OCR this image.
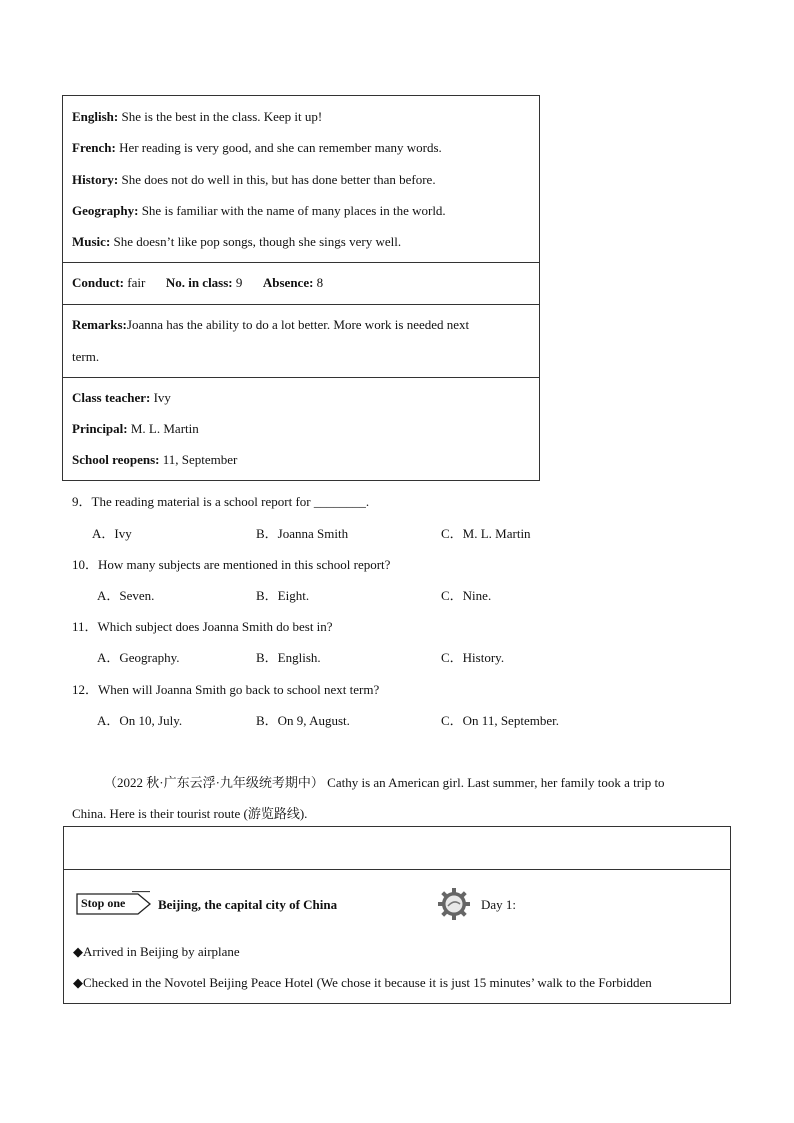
English: She is the best in the class. Keep it up!
French: Her reading is very good, and she can remember many words.
History: She does not do well in this, but has done better than before.
Geography: She is familiar with the name of many places in the world.
Music: She doesn’t like pop songs, though she sings very well.
Conduct: fair No. in class: 9 Absence: 8
Remarks:Joanna has the ability to do a lot better. More work is needed next
term.
Class teacher: Ivy
Principal: M. L. Martin
School reopens: 11, September
9．The reading material is a school report for ________.
A．Ivy	B．Joanna Smith	C．M. L. Martin
10．How many subjects are mentioned in this school report?
A．Seven.	B．Eight.	C．Nine.
11．Which subject does Joanna Smith do best in?
A．Geography.	B．English.	C．History.
12．When will Joanna Smith go back to school next term?
A．On 10, July.	B．On 9, August.	C．On 11, September.
（2022 秋·广东云浮·九年级统考期中） Cathy is an American girl. Last summer, her family took a trip to
China. Here is their tourist route (游览路线).
Stop one	Beijing, the capital city of China	Day 1:
◆Arrived in Beijing by airplane
◆Checked in the Novotel Beijing Peace Hotel (We chose it because it is just 15 minutes’ walk to the Forbidden
